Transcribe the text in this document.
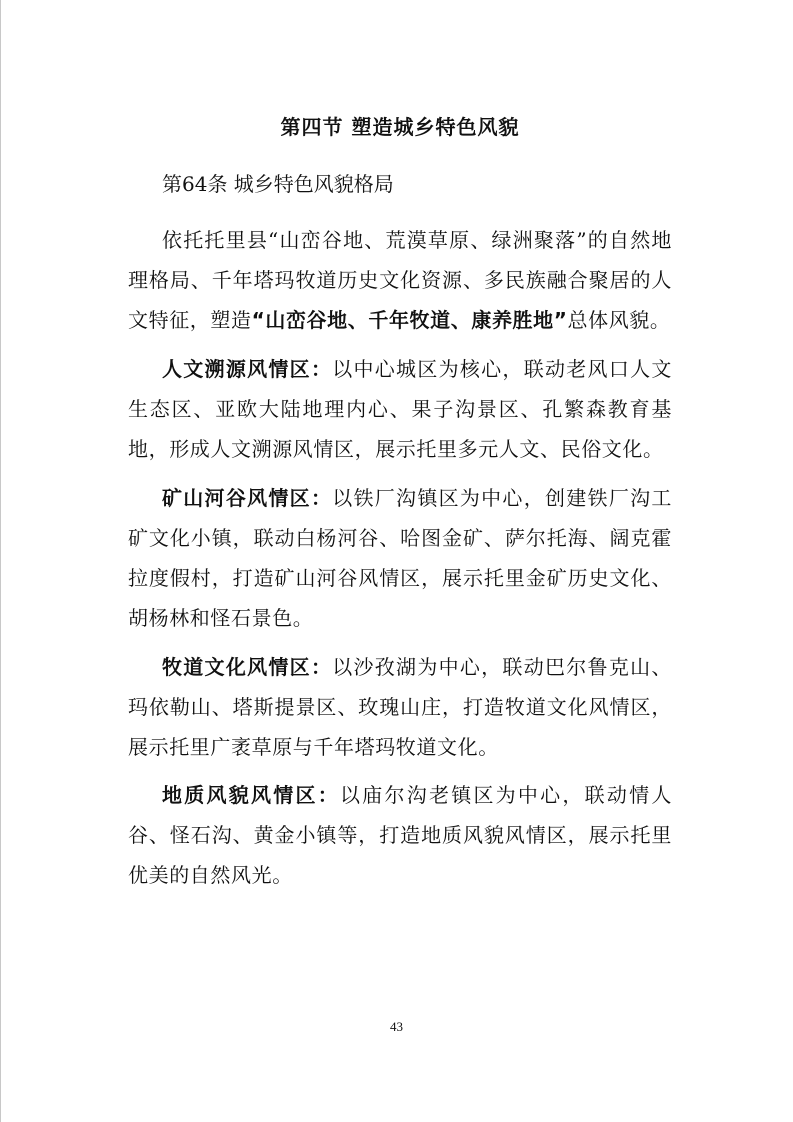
第四节 塑造城乡特色风貌
第64条 城乡特色风貌格局

依托托里县“山峦谷地、荒漠草原、绿洲聚落”的自然地理格局、千年塔玛牧道历史文化资源、多民族融合聚居的人文特征，塑造“山峦谷地、千年牧道、康养胜地”总体风貌。

人文溯源风情区：以中心城区为核心，联动老风口人文生态区、亚欧大陆地理内心、果子沟景区、孔繁森教育基地，形成人文溯源风情区，展示托里多元人文、民俗文化。

矿山河谷风情区：以铁厂沟镇区为中心，创建铁厂沟工矿文化小镇，联动白杨河谷、哈图金矿、萨尔托海、阔克霍拉度假村，打造矿山河谷风情区，展示托里金矿历史文化、胡杨林和怪石景色。

牧道文化风情区：以沙孜湖为中心，联动巴尔鲁克山、玛依勒山、塔斯提景区、玫瑰山庄，打造牧道文化风情区，展示托里广袤草原与千年塔玛牧道文化。

地质风貌风情区：以庙尔沟老镇区为中心，联动情人谷、怪石沟、黄金小镇等，打造地质风貌风情区，展示托里优美的自然风光。

43
